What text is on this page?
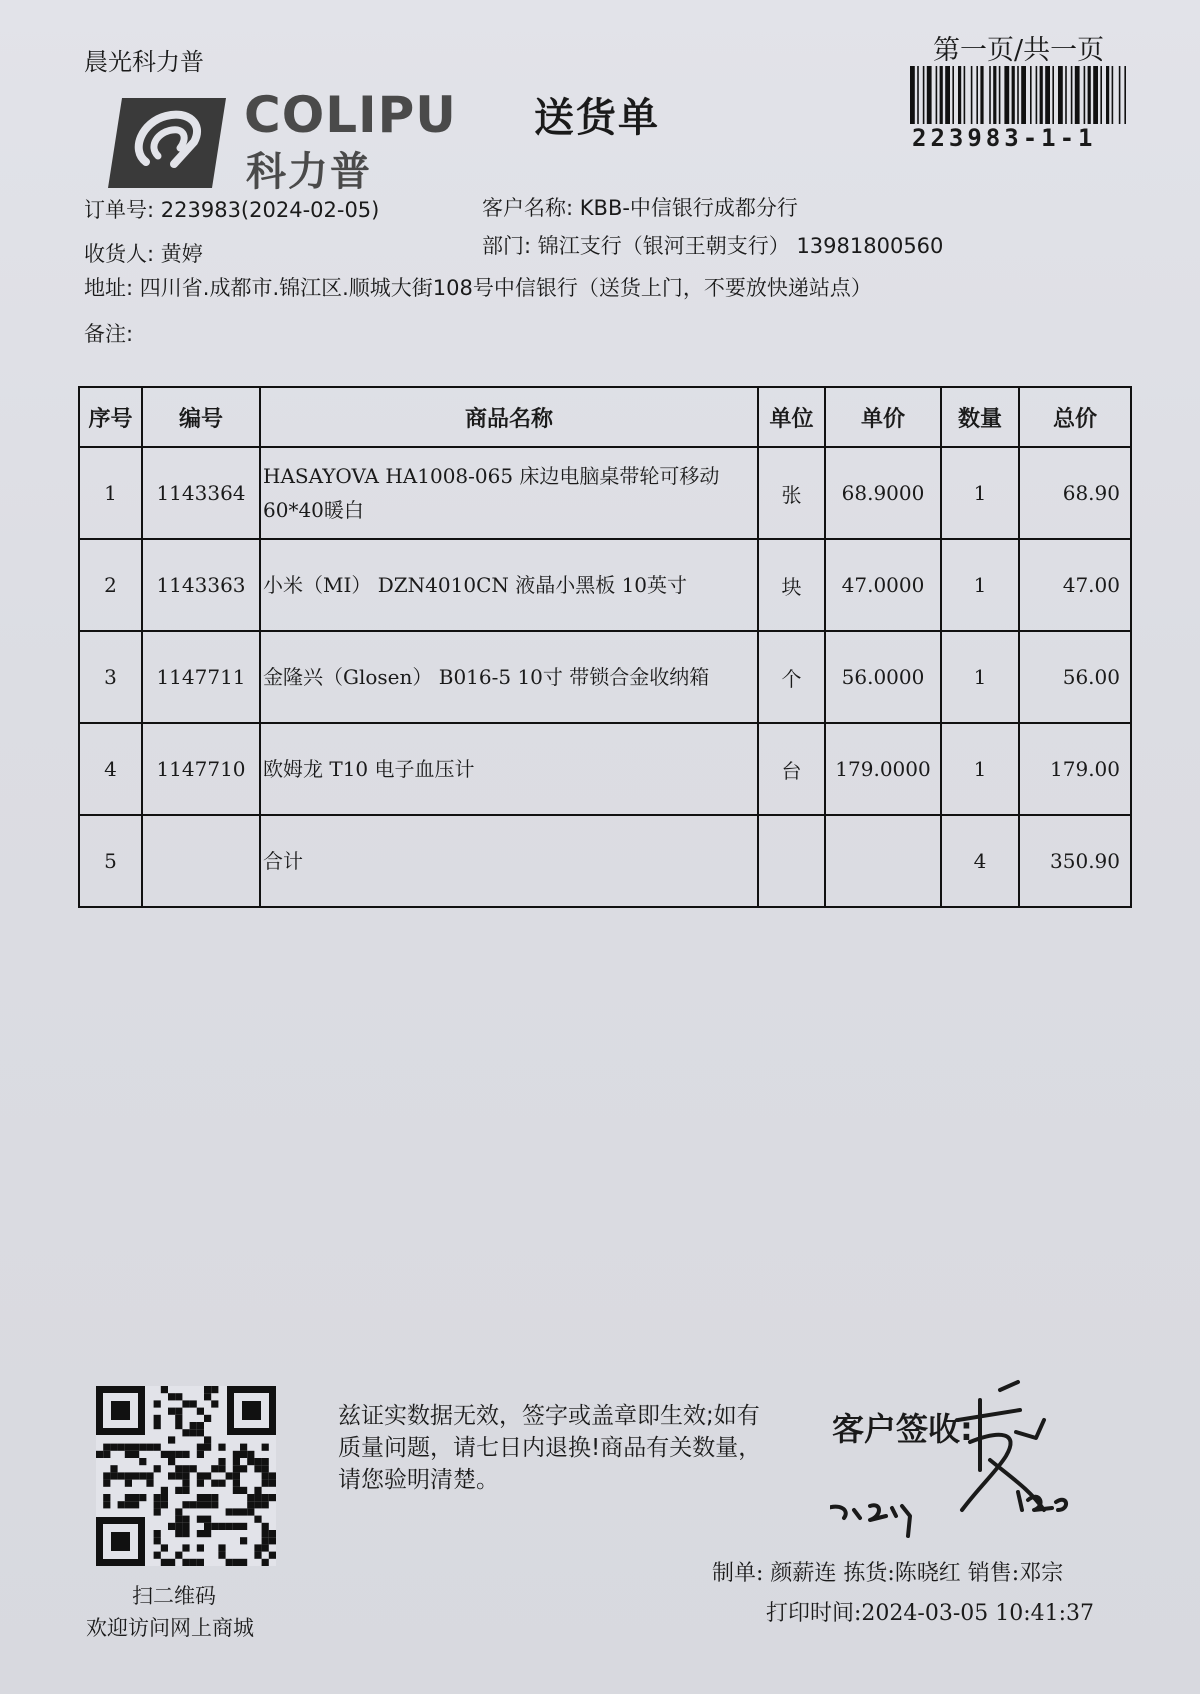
晨光科力普	第一页/共一页
223983-1-1
COLIPU
科力普
送货单
订单号: 223983(2024-02-05)	客户名称: KBB-中信银行成都分行
收货人: 黄婷	部门: 锦江支行（银河王朝支行） 13981800560
地址: 四川省.成都市.锦江区.顺城大街108号中信银行（送货上门，不要放快递站点）
备注:
序号	编号	商品名称	单位	单价	数量	总价
1	1143364	HASAYOVA HA1008-065 床边电脑桌带轮可移动60*40暖白	张	68.9000	1	68.90
2	1143363	小米（MI） DZN4010CN 液晶小黑板 10英寸	块	47.0000	1	47.00
3	1147711	金隆兴（Glosen） B016-5 10寸 带锁合金收纳箱	个	56.0000	1	56.00
4	1147710	欧姆龙 T10 电子血压计	台	179.0000	1	179.00
5		合计			4	350.90
扫二维码
欢迎访问网上商城
兹证实数据无效，签字或盖章即生效;如有质量问题，请七日内退换!商品有关数量，请您验明清楚。
客户签收:
制单: 颜薪连 拣货:陈晓红 销售:邓宗
打印时间:2024-03-05 10:41:37
